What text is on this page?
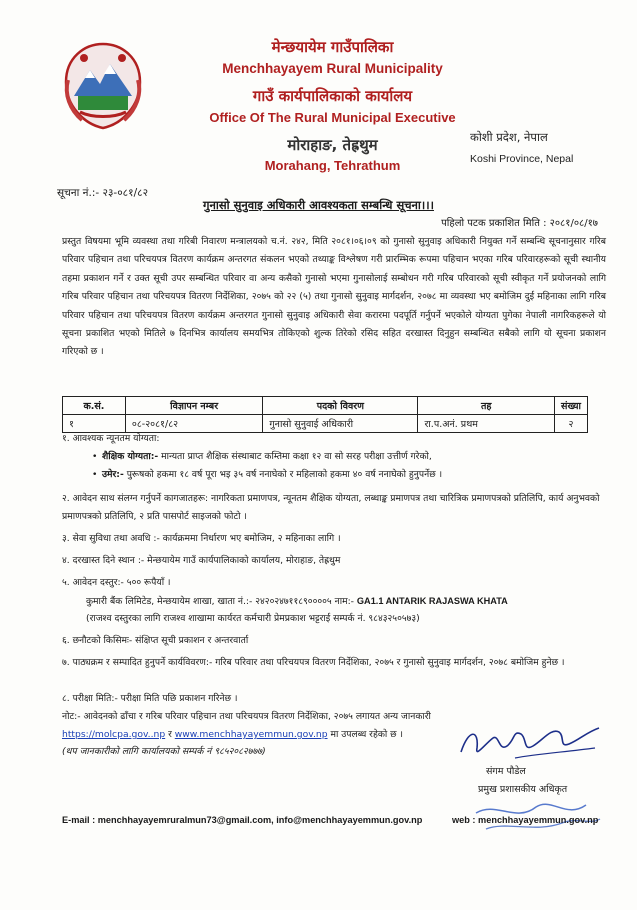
मेन्छयायेम गाउँपालिका
Menchhayayem Rural Municipality
गाउँ कार्यपालिकाको कार्यालय
Office Of The Rural Municipal Executive
मोराहाङ, तेह्रथुम
Morahang, Tehrathum
कोशी प्रदेश, नेपाल
Koshi Province, Nepal
सूचना नं.:- २३-०८१/८२
गुनासो सुनुवाइ अधिकारी आवश्यकता सम्बन्धि सूचना।।।
पहिलो पटक प्रकाशित मिति : २०८१/०८/१७
प्रस्तुत विषयमा भूमि व्यवस्था तथा गरिबी निवारण मन्त्रालयको च.नं. २४२, मिति २०८१।०६।०९ को गुनासो सुनुवाइ अधिकारी नियुक्त गर्ने सम्बन्धि सूचनानुसार गरिब परिवार पहिचान तथा परिचयपत्र वितरण कार्यक्रम अन्तरगत संकलन भएको तथ्याङ्क विश्लेषण गरी प्रारम्भिक रूपमा पहिचान भएका गरिब परिवारहरूको सूची स्थानीय तहमा प्रकाशन गर्ने र उक्त सूची उपर सम्बन्धित परिवार वा अन्य कसैको गुनासो भएमा गुनासोलाई सम्बोधन गरी गरिब परिवारको सूची स्वीकृत गर्ने प्रयोजनको लागि गरिब परिवार पहिचान तथा परिचयपत्र वितरण निर्देशिका, २०७५ को २२ (५) तथा गुनासो सुनुवाइ मार्गदर्शन, २०७८ मा व्यवस्था भए बमोजिम दुई महिनाका लागि गरिब परिवार पहिचान तथा परिचयपत्र वितरण कार्यक्रम अन्तरगत गुनासो सुनुवाइ अधिकारी सेवा करारमा पदपूर्ति गर्नुपर्ने भएकोले योग्यता पुगेका नेपाली नागरिकहरूले यो सूचना प्रकाशित भएको मितिले ७ दिनभित्र कार्यालय समयभित्र तोकिएको शुल्क तिरेको रसिद सहित दरखास्त दिनुहुन सम्बन्धित सबैको लागि यो सूचना प्रकाशन गरिएको छ ।
क.सं.	विज्ञापन नम्बर	पदको विवरण	तह	संख्या
१	०८-२०८१/८२	गुनासो सुनुवाई अधिकारी	रा.प.अनं. प्रथम	२
१. आवश्यक न्यूनतम योग्यता:
• शैक्षिक योग्यता:- मान्यता प्राप्त शैक्षिक संस्थाबाट कम्तिमा कक्षा १२ वा सो सरह परीक्षा उत्तीर्ण गरेको,
• उमेर:- पुरूषको हकमा १८ वर्ष पूरा भइ ३५ वर्ष ननाघेको र महिलाको हकमा ४० वर्ष ननाघेको हुनुपर्नेछ ।
२. आवेदन साथ संलग्न गर्नुपर्ने कागजातहरू: नागरिकता प्रमाणपत्र, न्यूनतम शैक्षिक योग्यता, लब्धाङ्क प्रमाणपत्र तथा चारित्रिक प्रमाणपत्रको प्रतिलिपि, कार्य अनुभवको प्रमाणपत्रको प्रतिलिपि, २ प्रति पासपोर्ट साइजको फोटो ।
३. सेवा सुविधा तथा अवधि :- कार्यक्रममा निर्धारण भए बमोजिम, २ महिनाका लागि ।
४. दरखास्त दिने स्थान :- मेन्छयायेम गाउँ कार्यपालिकाको कार्यालय, मोराहाङ, तेह्रथुम
५. आवेदन दस्तुर:- ५०० रूपैयाँ ।
कुमारी बैंक लिमिटेड, मेन्छयायेम शाखा, खाता नं.:- २४२०२४७११८९००००५ नाम:- GA1.1 ANTARIK RAJASWA KHATA
(राजश्व दस्तुरका लागि राजश्व शाखामा कार्यरत कर्मचारी प्रेमप्रकाश भट्टराई सम्पर्क नं. ९८४३२५०५७३)
६. छनौटको किसिमः- संक्षिप्त सूची प्रकाशन र अन्तरवार्ता
७. पाठ्यक्रम र सम्पादित हुनुपर्ने कार्यविवरण:- गरिब परिवार तथा परिचयपत्र वितरण निर्देशिका, २०७५ र गुनासो सुनुवाइ मार्गदर्शन, २०७८ बमोजिम हुनेछ ।
८. परीक्षा मिति:- परीक्षा मिति पछि प्रकाशन गरिनेछ ।
नोट:- आवेदनको ढाँचा र गरिब परिवार पहिचान तथा परिचयपत्र वितरण निर्देशिका, २०७५ लगायत अन्य जानकारी
https://molcpa.gov..np र www.menchhayayemmun.gov.np मा उपलब्ध रहेको छ ।
(थप जानकारीको लागि कार्यालयको सम्पर्क नं ९८५२०८२७७७)
संगम पौडेल
प्रमुख प्रशासकीय अधिकृत
E-mail : menchhayayemruralmun73@gmail.com, info@menchhayayemmun.gov.np	web : menchhayayemmun.gov.np
